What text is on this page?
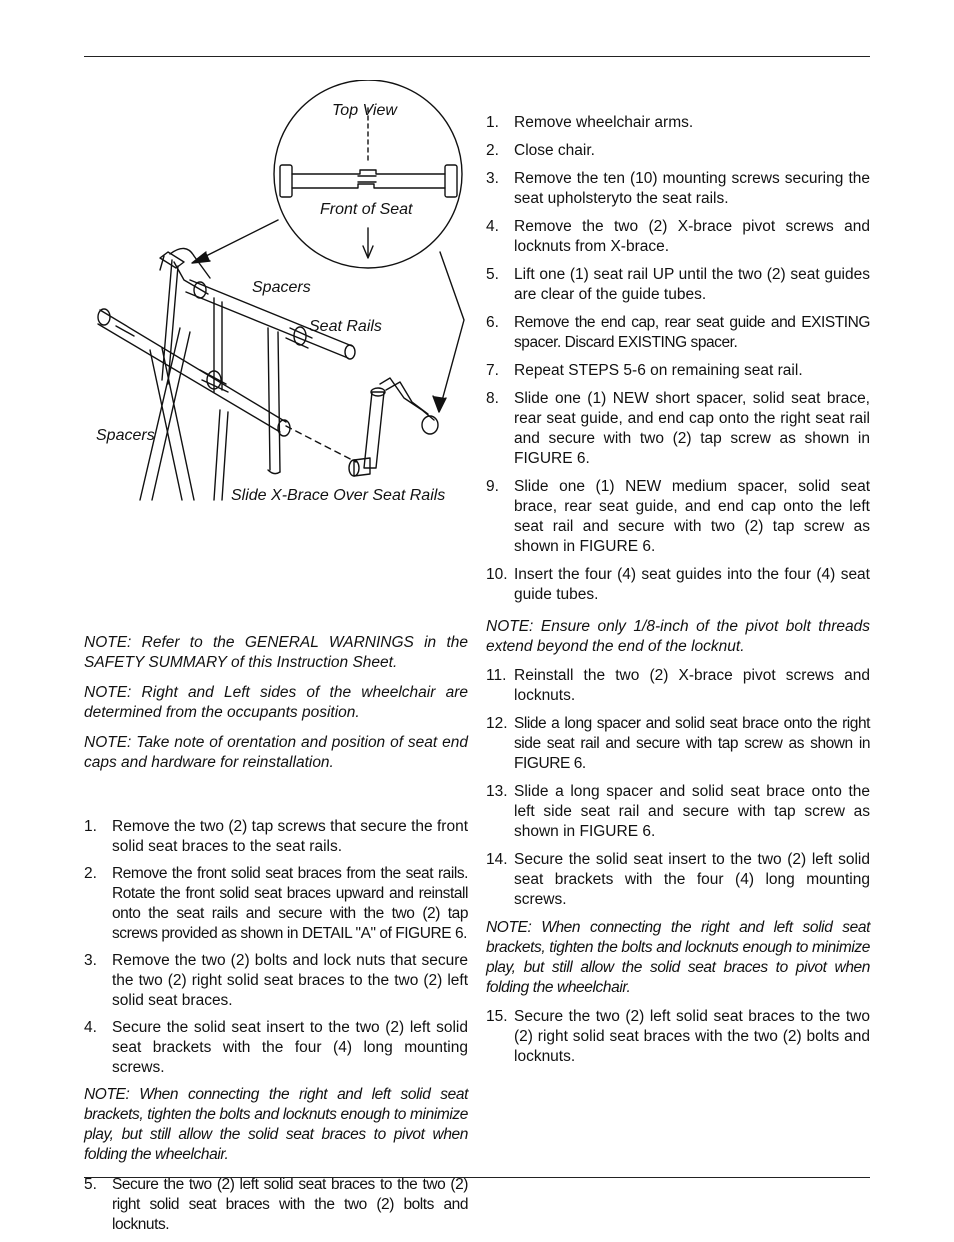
Top View
Front of Seat
Spacers
Seat Rails
Spacers
Slide X-Brace Over Seat Rails

NOTE: Refer to the GENERAL WARNINGS in the SAFETY SUMMARY of this Instruction Sheet.

NOTE: Right and Left sides of the wheelchair are determined from the occupants position.

NOTE: Take note of orentation and position of seat end caps and hardware for reinstallation.

1. Remove the two (2) tap screws that secure the front solid seat braces to the seat rails.
2. Remove the front solid seat braces from the seat rails. Rotate the front solid seat braces upward and reinstall onto the seat rails and secure with the two (2) tap screws provided as shown in DETAIL "A" of FIGURE 6.
3. Remove the two (2) bolts and lock nuts that secure the two (2) right solid seat braces to the two (2) left solid seat braces.
4. Secure the solid seat insert to the two (2) left solid seat brackets with the four (4) long mounting screws.

NOTE: When connecting the right and left solid seat brackets, tighten the bolts and locknuts enough to minimize play, but still allow the solid seat braces to pivot when folding the wheelchair.

5. Secure the two (2) left solid seat braces to the two (2) right solid seat braces with the two (2) bolts and locknuts.
1. Remove wheelchair arms.
2. Close chair.
3. Remove the ten (10) mounting screws securing the seat upholsteryto the seat rails.
4. Remove the two (2) X-brace pivot screws and locknuts from X-brace.
5. Lift one (1) seat rail UP until the two (2) seat guides are clear of the guide tubes.
6. Remove the end cap, rear seat guide and EXISTING spacer. Discard EXISTING spacer.
7. Repeat STEPS 5-6 on remaining seat rail.
8. Slide one (1) NEW short spacer, solid seat brace, rear seat guide, and end cap onto the right seat rail and secure with two (2) tap screw as shown in FIGURE 6.
9. Slide one (1) NEW medium spacer, solid seat brace, rear seat guide, and end cap onto the left seat rail and secure with two (2) tap screw as shown in FIGURE 6.
10. Insert the four (4) seat guides into the four (4) seat guide tubes.

NOTE: Ensure only 1/8-inch of the pivot bolt threads extend beyond the end of the locknut.

11. Reinstall the two (2) X-brace pivot screws and locknuts.
12. Slide a long spacer and solid seat brace onto the right side seat rail and secure with tap screw as shown in FIGURE 6.
13. Slide a long spacer and solid seat brace onto the left side seat rail and secure with tap screw as shown in FIGURE 6.
14. Secure the solid seat insert to the two (2) left solid seat brackets with the four (4) long mounting screws.

NOTE: When connecting the right and left solid seat brackets, tighten the bolts and locknuts enough to minimize play, but still allow the solid seat braces to pivot when folding the wheelchair.

15. Secure the two (2) left solid seat braces to the two (2) right solid seat braces with the two (2) bolts and locknuts.
